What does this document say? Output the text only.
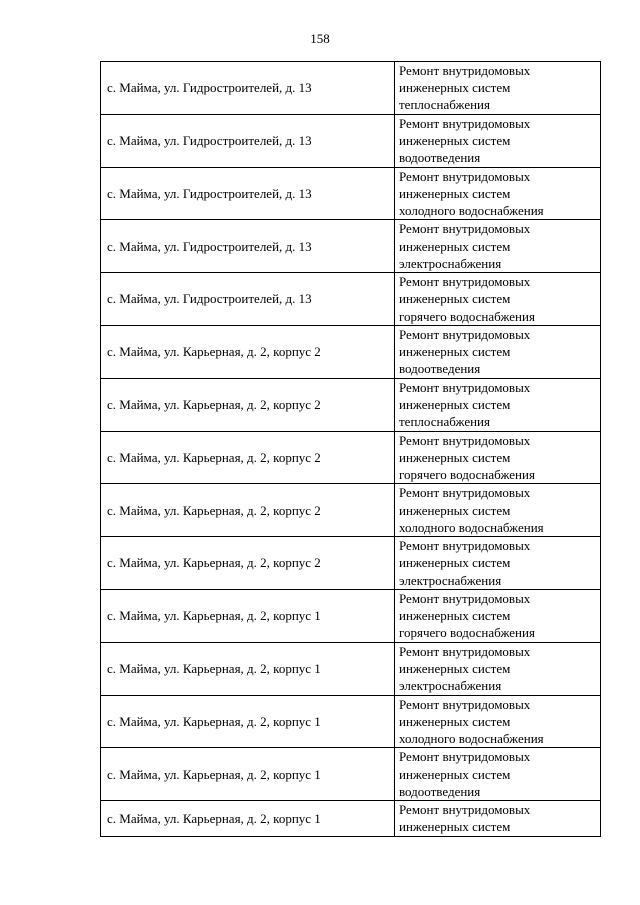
158
с. Майма, ул. Гидростроителей, д. 13	Ремонт внутридомовых
инженерных систем
теплоснабжения

с. Майма, ул. Гидростроителей, д. 13	Ремонт внутридомовых
инженерных систем
водоотведения

с. Майма, ул. Гидростроителей, д. 13	Ремонт внутридомовых
инженерных систем
холодного водоснабжения

с. Майма, ул. Гидростроителей, д. 13	Ремонт внутридомовых
инженерных систем
электроснабжения

с. Майма, ул. Гидростроителей, д. 13	Ремонт внутридомовых
инженерных систем
горячего водоснабжения

с. Майма, ул. Карьерная, д. 2, корпус 2	Ремонт внутридомовых
инженерных систем
водоотведения

с. Майма, ул. Карьерная, д. 2, корпус 2	Ремонт внутридомовых
инженерных систем
теплоснабжения

с. Майма, ул. Карьерная, д. 2, корпус 2	Ремонт внутридомовых
инженерных систем
горячего водоснабжения

с. Майма, ул. Карьерная, д. 2, корпус 2	Ремонт внутридомовых
инженерных систем
холодного водоснабжения

с. Майма, ул. Карьерная, д. 2, корпус 2	Ремонт внутридомовых
инженерных систем
электроснабжения

с. Майма, ул. Карьерная, д. 2, корпус 1	Ремонт внутридомовых
инженерных систем
горячего водоснабжения

с. Майма, ул. Карьерная, д. 2, корпус 1	Ремонт внутридомовых
инженерных систем
электроснабжения

с. Майма, ул. Карьерная, д. 2, корпус 1	Ремонт внутридомовых
инженерных систем
холодного водоснабжения

с. Майма, ул. Карьерная, д. 2, корпус 1	Ремонт внутридомовых
инженерных систем
водоотведения

с. Майма, ул. Карьерная, д. 2, корпус 1	Ремонт внутридомовых
инженерных систем
